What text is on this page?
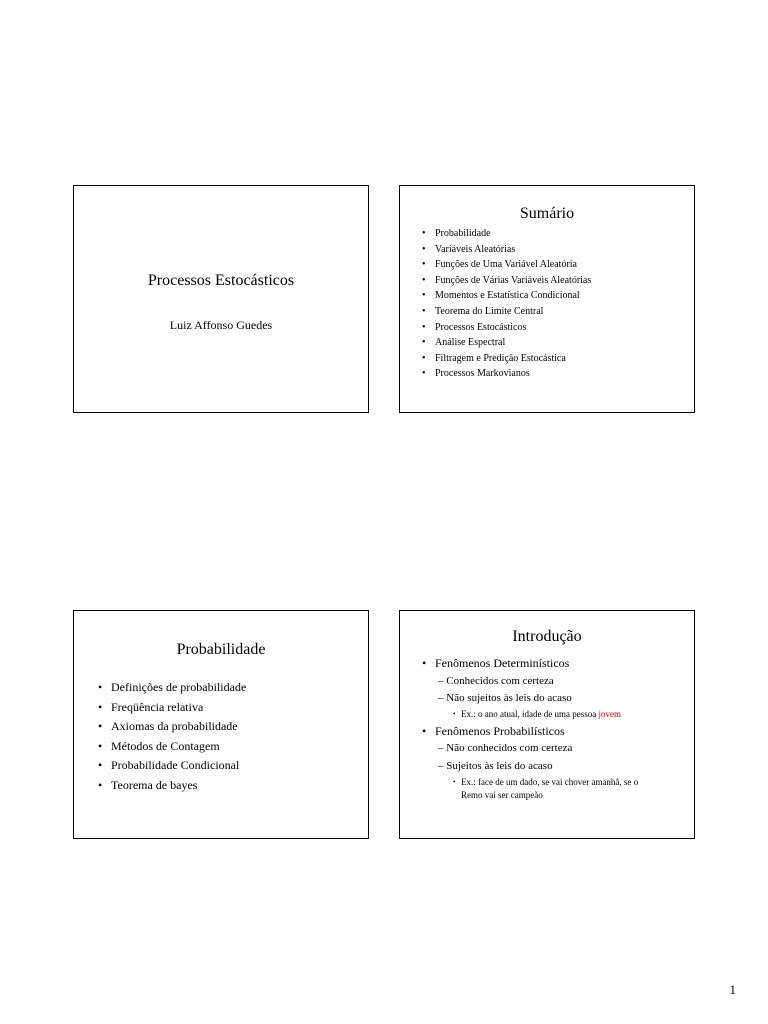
Processos Estocásticos
Luiz Affonso Guedes
Sumário
• Probabilidade
• Variáveis Aleatórias
• Funções de Uma Variável Aleatória
• Funções de Várias Variáveis Aleatórias
• Momentos e Estatística Condicional
• Teorema do Limite Central
• Processos Estocásticos
• Análise Espectral
• Filtragem e Predição Estocástica
• Processos Markovianos
Probabilidade
• Definições de probabilidade
• Freqüência relativa
• Axiomas da probabilidade
• Métodos de Contagem
• Probabilidade Condicional
• Teorema de bayes
Introdução
• Fenômenos Determinísticos
– Conhecidos com certeza
– Não sujeitos às leis do acaso
• Ex.: o ano atual, idade de uma pessoa jovem
• Fenômenos Probabilísticos
– Não conhecidos com certeza
– Sujeitos às leis do acaso
• Ex.: face de um dado, se vai chover amanhã, se o
Remo vai ser campeão
1
